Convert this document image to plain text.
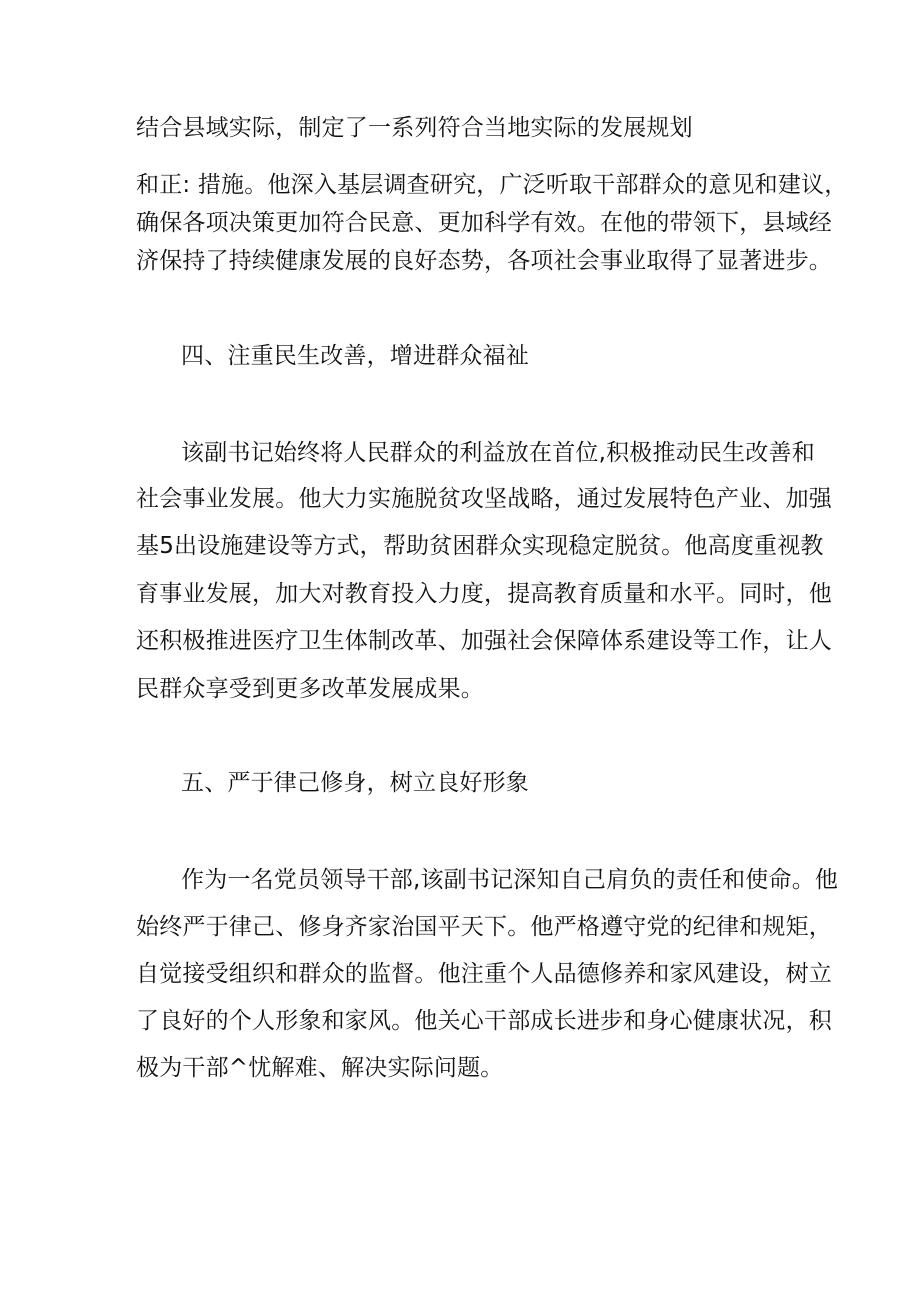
结合县域实际，制定了一系列符合当地实际的发展规划
和正: 措施。他深入基层调查研究，广泛听取干部群众的意见和建议，
确保各项决策更加符合民意、更加科学有效。在他的带领下，县域经
济保持了持续健康发展的良好态势，各项社会事业取得了显著进步。
四、注重民生改善，增进群众福祉
该副书记始终将人民群众的利益放在首位,积极推动民生改善和
社会事业发展。他大力实施脱贫攻坚战略，通过发展特色产业、加强
基5出设施建设等方式，帮助贫困群众实现稳定脱贫。他高度重视教
育事业发展，加大对教育投入力度，提高教育质量和水平。同时，他
还积极推进医疗卫生体制改革、加强社会保障体系建设等工作，让人
民群众享受到更多改革发展成果。
五、严于律己修身，树立良好形象
作为一名党员领导干部,该副书记深知自己肩负的责任和使命。他
始终严于律己、修身齐家治国平天下。他严格遵守党的纪律和规矩，
自觉接受组织和群众的监督。他注重个人品德修养和家风建设，树立
了良好的个人形象和家风。他关心干部成长进步和身心健康状况，积
极为干部^忧解难、解决实际问题。
